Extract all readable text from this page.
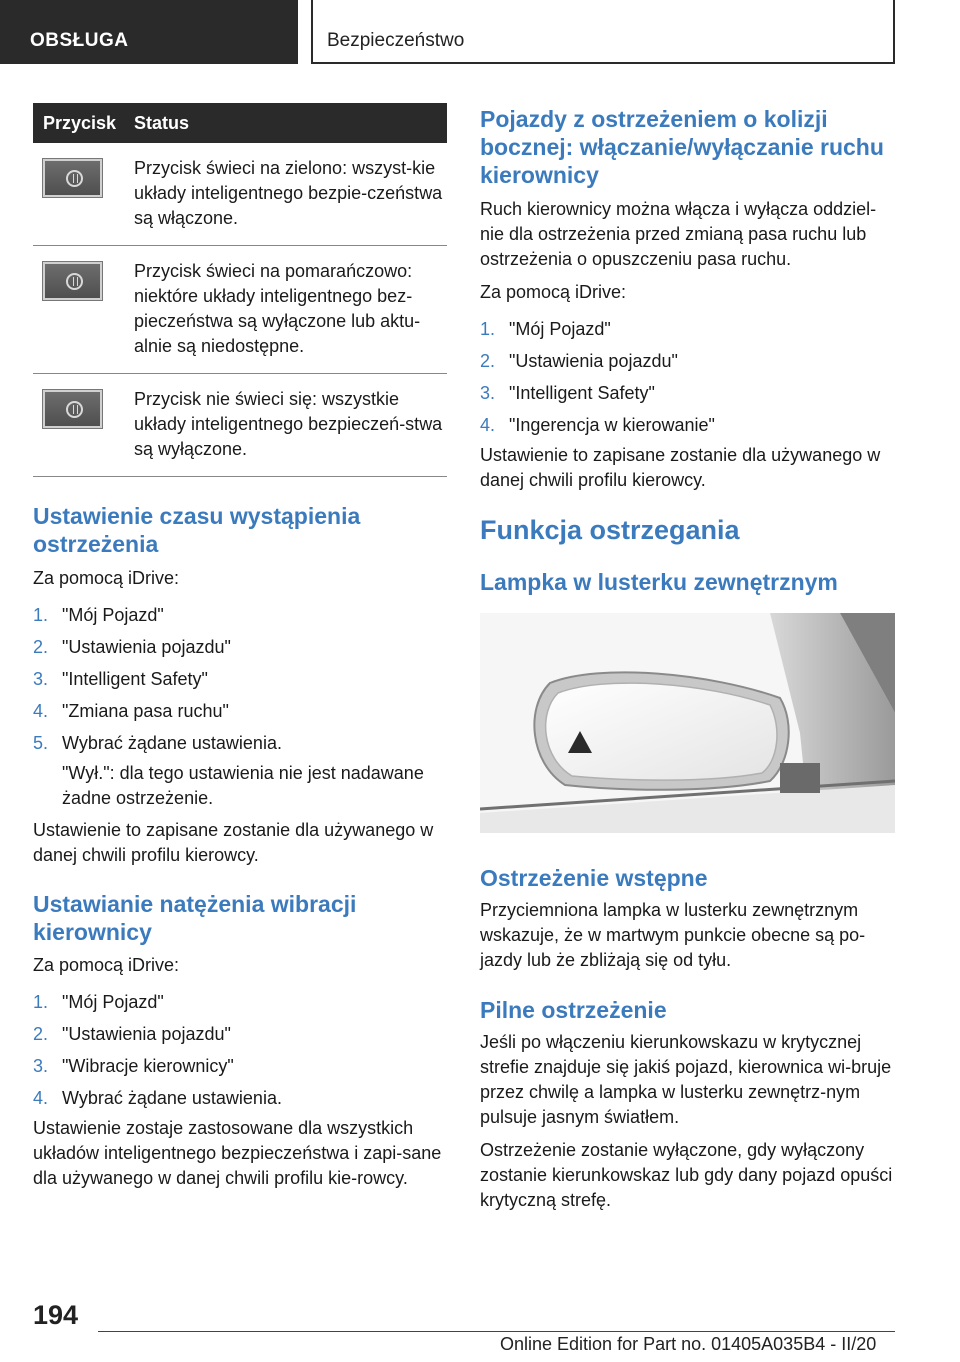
OBSŁUGA	Bezpieczeństwo
Przycisk	Status

	Przycisk świeci na zielono: wszyst-kie układy inteligentnego bezpie-czeństwa są włączone.

	Przycisk świeci na pomarańczowo: niektóre układy inteligentnego bez-pieczeństwa są wyłączone lub aktu-alnie są niedostępne.

	Przycisk nie świeci się: wszystkie układy inteligentnego bezpieczeń-stwa są wyłączone.
Ustawienie czasu wystąpienia ostrzeżenia

Za pomocą iDrive:

1. "Mój Pojazd"
2. "Ustawienia pojazdu"
3. "Intelligent Safety"
4. "Zmiana pasa ruchu"
5. Wybrać żądane ustawienia.

"Wył.": dla tego ustawienia nie jest nadawane żadne ostrzeżenie.

Ustawienie to zapisane zostanie dla używanego w danej chwili profilu kierowcy.

Ustawianie natężenia wibracji kierownicy

Za pomocą iDrive:

1. "Mój Pojazd"
2. "Ustawienia pojazdu"
3. "Wibracje kierownicy"
4. Wybrać żądane ustawienia.

Ustawienie zostaje zastosowane dla wszystkich układów inteligentnego bezpieczeństwa i zapi-sane dla używanego w danej chwili profilu kie-rowcy.

Pojazdy z ostrzeżeniem o kolizji bocznej: włączanie/wyłączanie ruchu kierownicy

Ruch kierownicy można włącza i wyłącza oddziel-nie dla ostrzeżenia przed zmianą pasa ruchu lub ostrzeżenia o opuszczeniu pasa ruchu.

Za pomocą iDrive:

1. "Mój Pojazd"
2. "Ustawienia pojazdu"
3. "Intelligent Safety"
4. "Ingerencja w kierowanie"

Ustawienie to zapisane zostanie dla używanego w danej chwili profilu kierowcy.

Funkcja ostrzegania
Lampka w lusterku zewnętrznym
Ostrzeżenie wstępne

Przyciemniona lampka w lusterku zewnętrznym wskazuje, że w martwym punkcie obecne są po-jazdy lub że zbliżają się od tyłu.

Pilne ostrzeżenie

Jeśli po włączeniu kierunkowskazu w krytycznej strefie znajduje się jakiś pojazd, kierownica wi-bruje przez chwilę a lampka w lusterku zewnętrz-nym pulsuje jasnym światłem.

Ostrzeżenie zostanie wyłączone, gdy wyłączony zostanie kierunkowskaz lub gdy dany pojazd opuści krytyczną strefę.

194
Online Edition for Part no. 01405A035B4 - II/20
